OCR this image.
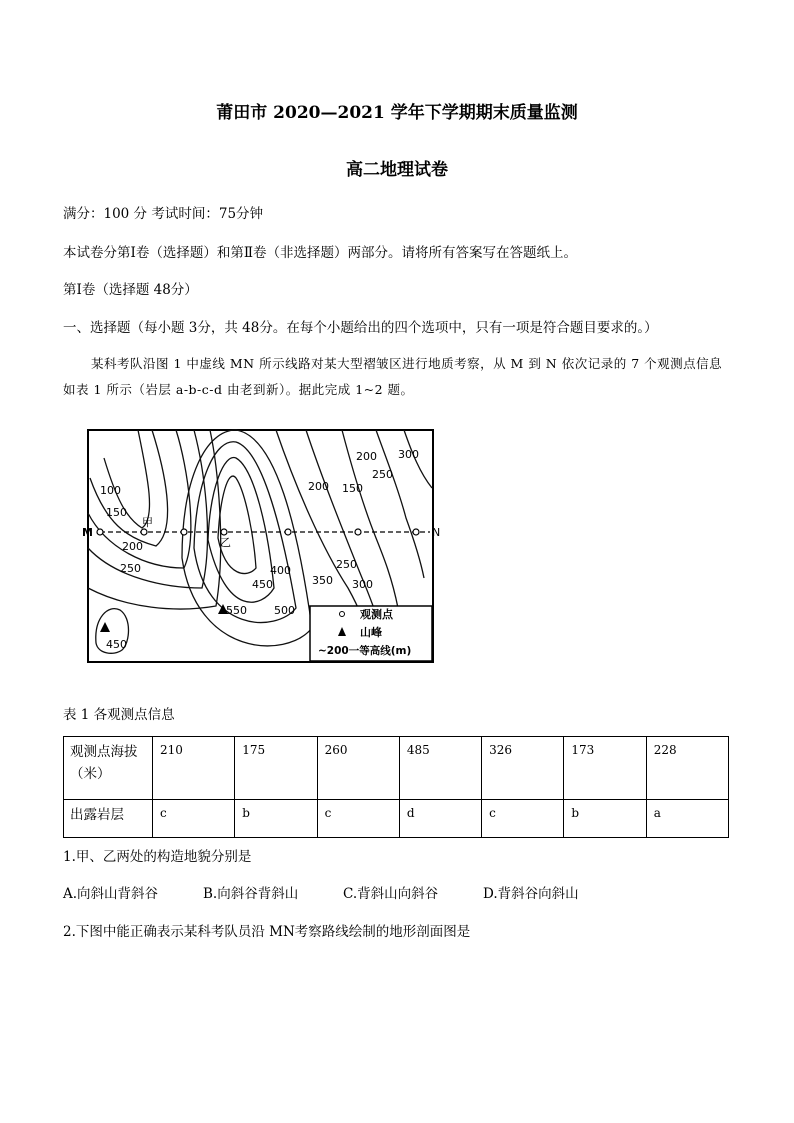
莆田市 2020—2021 学年下学期期末质量监测
高二地理试卷
满分：100 分 考试时间：75分钟
本试卷分第Ⅰ卷（选择题）和第Ⅱ卷（非选择题）两部分。请将所有答案写在答题纸上。
第Ⅰ卷（选择题 48分）
一、选择题（每小题 3分，共 48分。在每个小题给出的四个选项中，只有一项是符合题目要求的。）
某科考队沿图 1 中虚线 MN 所示线路对某大型褶皱区进行地质考察，从 M 到 N 依次记录的 7 个观测点信息
如表 1 所示（岩层 a-b-c-d 由老到新）。据此完成 1~2 题。
M
甲
乙
N
100
150
200
250
300
250
200
150
200
250
300
350
400
450
500
550
450
观测点
山峰
~200一等高线(m)
表 1 各观测点信息
观测点海拔（米）	210	175	260	485	326	173	228
出露岩层	c	b	c	d	c	b	a
1.甲、乙两处的构造地貌分别是
A.向斜山背斜谷	B.向斜谷背斜山	C.背斜山向斜谷	D.背斜谷向斜山
2.下图中能正确表示某科考队员沿 MN考察路线绘制的地形剖面图是
